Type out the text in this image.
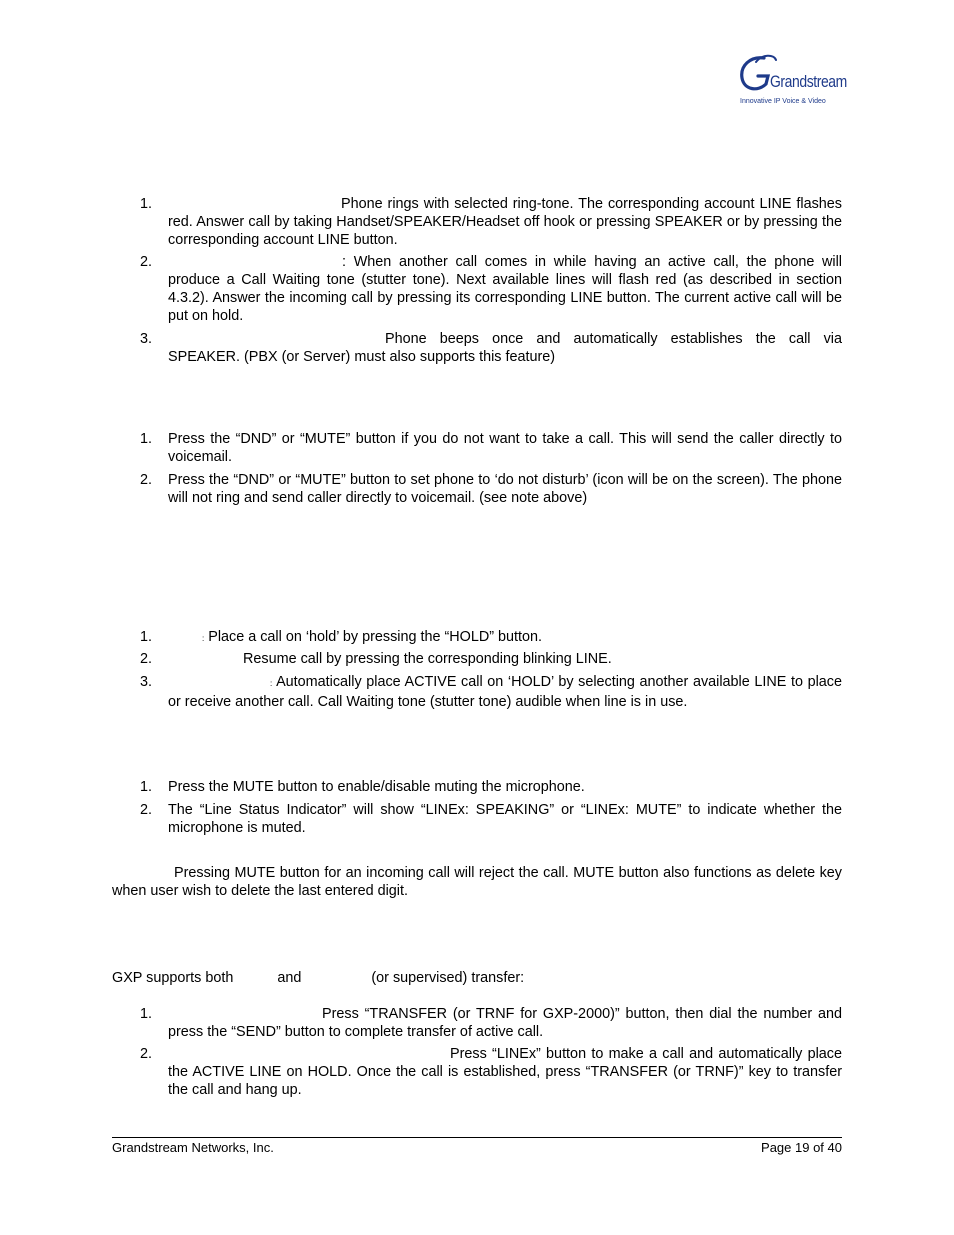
Grandstream
Innovative IP Voice & Video
1.	Phone rings with selected ring-tone. The corresponding account LINE flashes red. Answer call by taking Handset/SPEAKER/Headset off hook or pressing SPEAKER or by pressing the corresponding account LINE button.
2.	: When another call comes in while having an active call, the phone will produce a Call Waiting tone (stutter tone). Next available lines will flash red (as described in section 4.3.2). Answer the incoming call by pressing its corresponding LINE button. The current active call will be put on hold.
3.	Phone beeps once and automatically establishes the call via SPEAKER. (PBX (or Server) must also supports this feature)
1.	Press the “DND” or “MUTE” button if you do not want to take a call. This will send the caller directly to voicemail.
2.	Press the “DND” or “MUTE” button to set phone to ‘do not disturb’ (icon will be on the screen). The phone will not ring and send caller directly to voicemail. (see note above)
1.	: Place a call on ‘hold’ by pressing the “HOLD” button.
2.	Resume call by pressing the corresponding blinking LINE.
3.	: Automatically place ACTIVE call on ‘HOLD’ by selecting another available LINE to place or receive another call. Call Waiting tone (stutter tone) audible when line is in use.
1.	Press the MUTE button to enable/disable muting the microphone.
2.	The “Line Status Indicator” will show “LINEx: SPEAKING” or “LINEx: MUTE” to indicate whether the microphone is muted.
Pressing MUTE button for an incoming call will reject the call. MUTE button also functions as delete key when user wish to delete the last entered digit.
GXP supports both	and	(or supervised) transfer:
1.	Press “TRANSFER (or TRNF for GXP-2000)” button, then dial the number and press the “SEND” button to complete transfer of active call.
2.	Press “LINEx” button to make a call and automatically place the ACTIVE LINE on HOLD. Once the call is established, press “TRANSFER (or TRNF)” key to transfer the call and hang up.
Grandstream Networks, Inc.	Page 19 of 40
